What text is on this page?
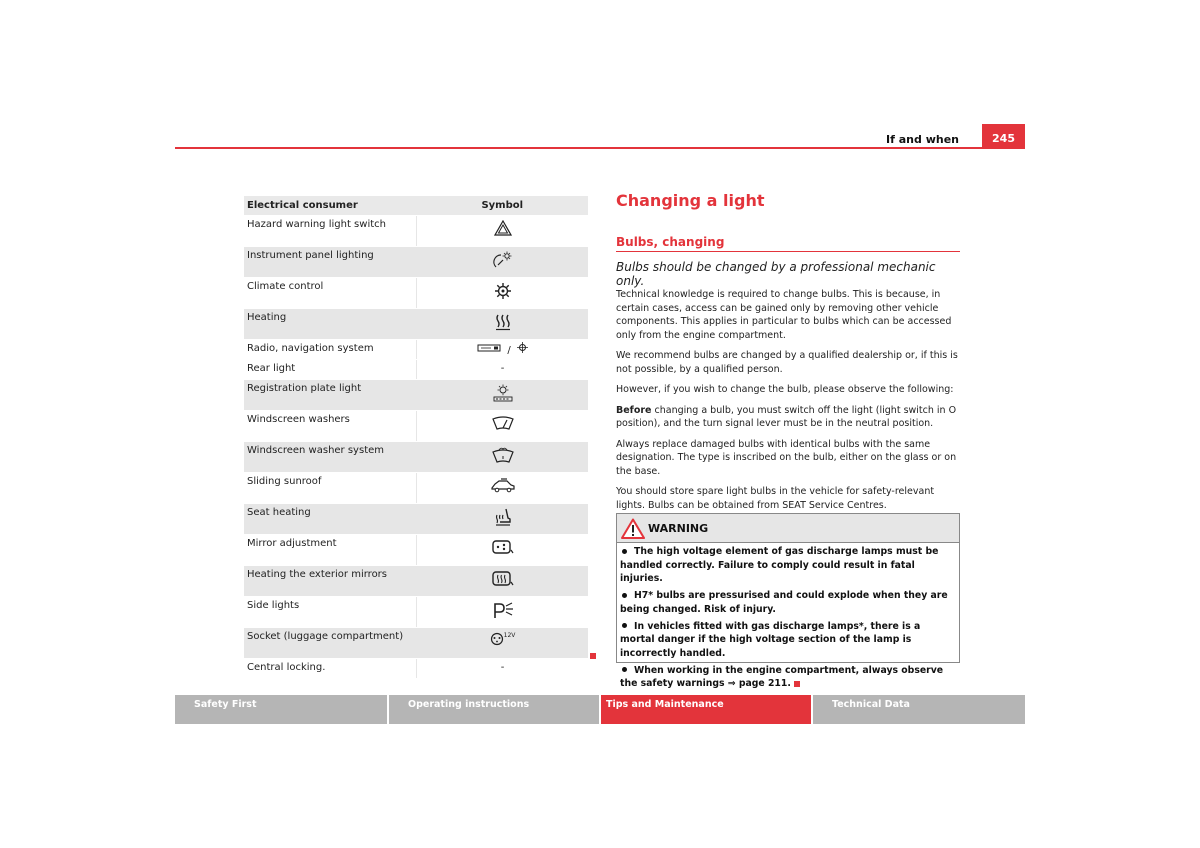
If and when	245
Electrical consumer	Symbol
Hazard warning light switch	
Instrument panel lighting	
Climate control	
Heating	
Radio, navigation system	/
Rear light	-
Registration plate light	
Windscreen washers	
Windscreen washer system	
Sliding sunroof	
Seat heating	
Mirror adjustment	
Heating the exterior mirrors	
Side lights	
Socket (luggage compartment)	$^{12V}$
Central locking.	-
Changing a light
Bulbs, changing

Bulbs should be changed by a professional mechanic only.

Technical knowledge is required to change bulbs. This is because, in certain cases, access can be gained only by removing other vehicle components. This applies in particular to bulbs which can be accessed only from the engine compartment.

We recommend bulbs are changed by a qualified dealership or, if this is not possible, by a qualified person.

However, if you wish to change the bulb, please observe the following:

Before changing a bulb, you must switch off the light (light switch in O position), and the turn signal lever must be in the neutral position.

Always replace damaged bulbs with identical bulbs with the same designation. The type is inscribed on the bulb, either on the glass or on the base.

You should store spare light bulbs in the vehicle for safety-relevant lights. Bulbs can be obtained from SEAT Service Centres.

WARNING
The high voltage element of gas discharge lamps must be handled correctly. Failure to comply could result in fatal injuries.
H7* bulbs are pressurised and could explode when they are being changed. Risk of injury.
In vehicles fitted with gas discharge lamps*, there is a mortal danger if the high voltage section of the lamp is incorrectly handled.
When working in the engine compartment, always observe the safety warnings ⇒ page 211.
Safety First	Operating instructions	Tips and Maintenance	Technical Data
